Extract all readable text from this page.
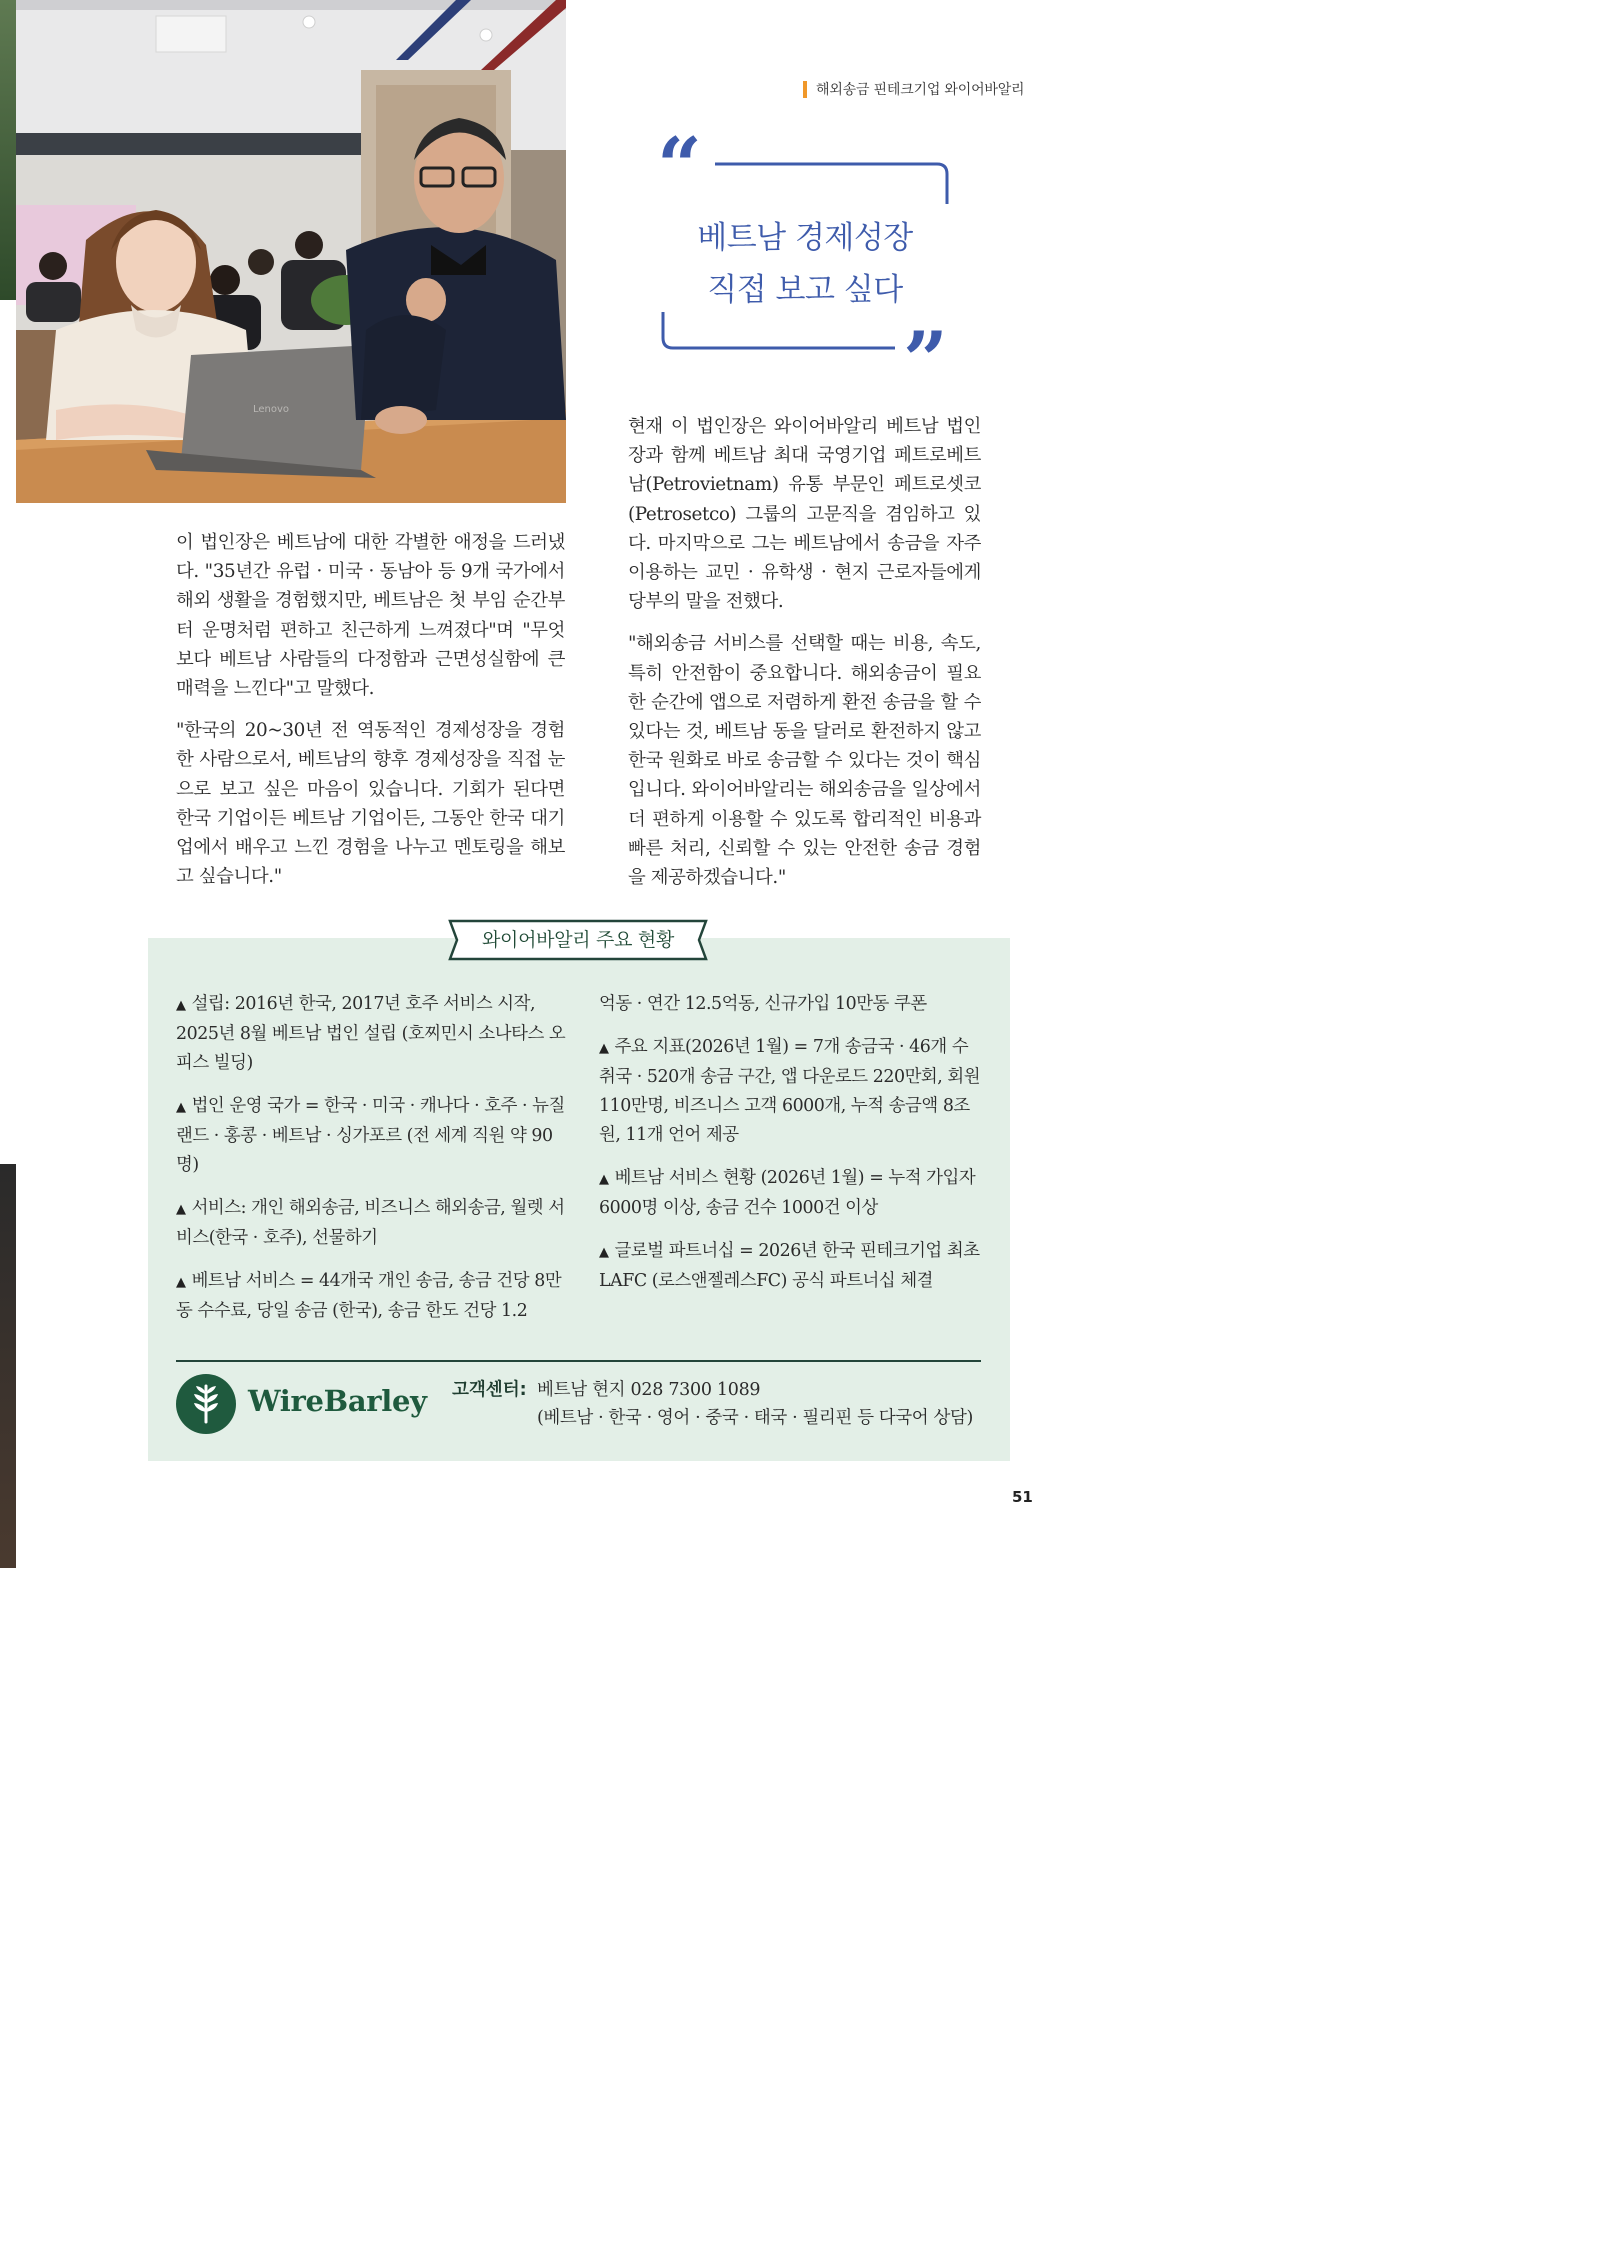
Lenovo
해외송금 핀테크기업 와이어바알리
“
베트남 경제성장
직접 보고 싶다
”

현재 이 법인장은 와이어바알리 베트남 법인장과 함께 베트남 최대 국영기업 페트로베트남(Petrovietnam) 유통 부문인 페트로셋코(Petrosetco) 그룹의 고문직을 겸임하고 있다. 마지막으로 그는 베트남에서 송금을 자주 이용하는 교민 · 유학생 · 현지 근로자들에게 당부의 말을 전했다.

"해외송금 서비스를 선택할 때는 비용, 속도, 특히 안전함이 중요합니다. 해외송금이 필요한 순간에 앱으로 저렴하게 환전 송금을 할 수 있다는 것, 베트남 동을 달러로 환전하지 않고 한국 원화로 바로 송금할 수 있다는 것이 핵심입니다. 와이어바알리는 해외송금을 일상에서 더 편하게 이용할 수 있도록 합리적인 비용과 빠른 처리, 신뢰할 수 있는 안전한 송금 경험을 제공하겠습니다."

이 법인장은 베트남에 대한 각별한 애정을 드러냈다. "35년간 유럽 · 미국 · 동남아 등 9개 국가에서 해외 생활을 경험했지만, 베트남은 첫 부임 순간부터 운명처럼 편하고 친근하게 느껴졌다"며 "무엇보다 베트남 사람들의 다정함과 근면성실함에 큰 매력을 느낀다"고 말했다.

"한국의 20~30년 전 역동적인 경제성장을 경험한 사람으로서, 베트남의 향후 경제성장을 직접 눈으로 보고 싶은 마음이 있습니다. 기회가 된다면 한국 기업이든 베트남 기업이든, 그동안 한국 대기업에서 배우고 느낀 경험을 나누고 멘토링을 해보고 싶습니다."

와이어바알리 주요 현황
▲ 설립: 2016년 한국, 2017년 호주 서비스 시작, 2025년 8월 베트남 법인 설립 (호찌민시 소나타스 오피스 빌딩)
▲ 법인 운영 국가 = 한국 · 미국 · 캐나다 · 호주 · 뉴질랜드 · 홍콩 · 베트남 · 싱가포르 (전 세계 직원 약 90명)
▲ 서비스: 개인 해외송금, 비즈니스 해외송금, 월렛 서비스(한국 · 호주), 선물하기
▲ 베트남 서비스 = 44개국 개인 송금, 송금 건당 8만동 수수료, 당일 송금 (한국), 송금 한도 건당 1.2
억동 · 연간 12.5억동, 신규가입 10만동 쿠폰
▲ 주요 지표(2026년 1월) = 7개 송금국 · 46개 수취국 · 520개 송금 구간, 앱 다운로드 220만회, 회원 110만명, 비즈니스 고객 6000개, 누적 송금액 8조원, 11개 언어 제공
▲ 베트남 서비스 현황 (2026년 1월) = 누적 가입자 6000명 이상, 송금 건수 1000건 이상
▲ 글로벌 파트너십 = 2026년 한국 핀테크기업 최초 LAFC (로스앤젤레스FC) 공식 파트너십 체결
WireBarley 고객센터: 베트남 현지 028 7300 1089
(베트남 · 한국 · 영어 · 중국 · 태국 · 필리핀 등 다국어 상담)
51
